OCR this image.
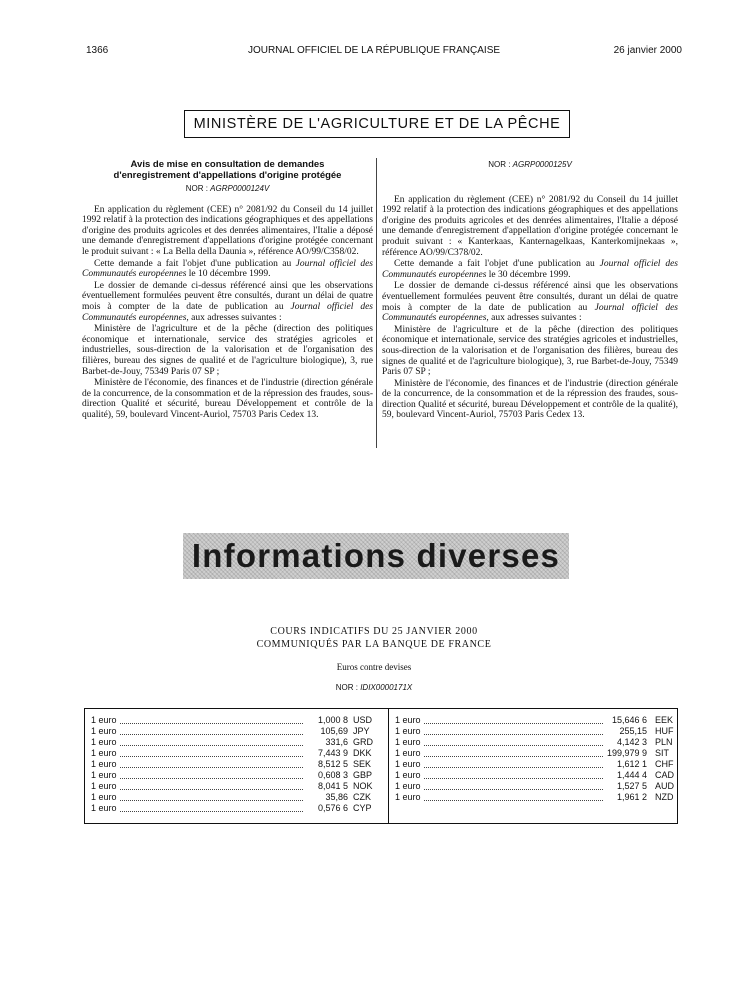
1366	JOURNAL OFFICIEL DE LA RÉPUBLIQUE FRANÇAISE	26 janvier 2000
MINISTÈRE DE L'AGRICULTURE ET DE LA PÊCHE
Avis de mise en consultation de demandes
d'enregistrement d'appellations d'origine protégée
NOR : AGRP0000124V

En application du règlement (CEE) n° 2081/92 du Conseil du 14 juillet 1992 relatif à la protection des indications géographiques et des appellations d'origine des produits agricoles et des denrées alimentaires, l'Italie a déposé une demande d'enregistrement d'appellations d'origine protégée concernant le produit suivant : « La Bella della Daunia », référence AO/99/C358/02.

Cette demande a fait l'objet d'une publication au Journal officiel des Communautés européennes le 10 décembre 1999.

Le dossier de demande ci-dessus référencé ainsi que les observations éventuellement formulées peuvent être consultés, durant un délai de quatre mois à compter de la date de publication au Journal officiel des Communautés européennes, aux adresses suivantes :

Ministère de l'agriculture et de la pêche (direction des politiques économique et internationale, service des stratégies agricoles et industrielles, sous-direction de la valorisation et de l'organisation des filières, bureau des signes de qualité et de l'agriculture biologique), 3, rue Barbet-de-Jouy, 75349 Paris 07 SP ;

Ministère de l'économie, des finances et de l'industrie (direction générale de la concurrence, de la consommation et de la répression des fraudes, sous-direction Qualité et sécurité, bureau Développement et contrôle de la qualité), 59, boulevard Vincent-Auriol, 75703 Paris Cedex 13.

NOR : AGRP0000125V

En application du règlement (CEE) n° 2081/92 du Conseil du 14 juillet 1992 relatif à la protection des indications géographiques et des appellations d'origine des produits agricoles et des denrées alimentaires, l'Italie a déposé une demande d'enregistrement d'appellation d'origine protégée concernant le produit suivant : « Kanterkaas, Kanternagelkaas, Kanterkomijnekaas », référence AO/99/C378/02.

Cette demande a fait l'objet d'une publication au Journal officiel des Communautés européennes le 30 décembre 1999.

Le dossier de demande ci-dessus référencé ainsi que les observations éventuellement formulées peuvent être consultés, durant un délai de quatre mois à compter de la date de publication au Journal officiel des Communautés européennes, aux adresses suivantes :

Ministère de l'agriculture et de la pêche (direction des politiques économique et internationale, service des stratégies agricoles et industrielles, sous-direction de la valorisation et de l'organisation des filières, bureau des signes de qualité et de l'agriculture biologique), 3, rue Barbet-de-Jouy, 75349 Paris 07 SP ;

Ministère de l'économie, des finances et de l'industrie (direction générale de la concurrence, de la consommation et de la répression des fraudes, sous-direction Qualité et sécurité, bureau Développement et contrôle de la qualité), 59, boulevard Vincent-Auriol, 75703 Paris Cedex 13.

Informations diverses
COURS INDICATIFS DU 25 JANVIER 2000
COMMUNIQUÉS PAR LA BANQUE DE FRANCE
Euros contre devises
NOR : IDIX0000171X
1 euro	1,000 8 USD
1 euro	105,69 JPY
1 euro	331,6 GRD
1 euro	7,443 9 DKK
1 euro	8,512 5 SEK
1 euro	0,608 3 GBP
1 euro	8,041 5 NOK
1 euro	35,86 CZK
1 euro	0,576 6 CYP
1 euro	15,646 6 EEK
1 euro	255,15 HUF
1 euro	4,142 3 PLN
1 euro	199,979 9 SIT
1 euro	1,612 1 CHF
1 euro	1,444 4 CAD
1 euro	1,527 5 AUD
1 euro	1,961 2 NZD
